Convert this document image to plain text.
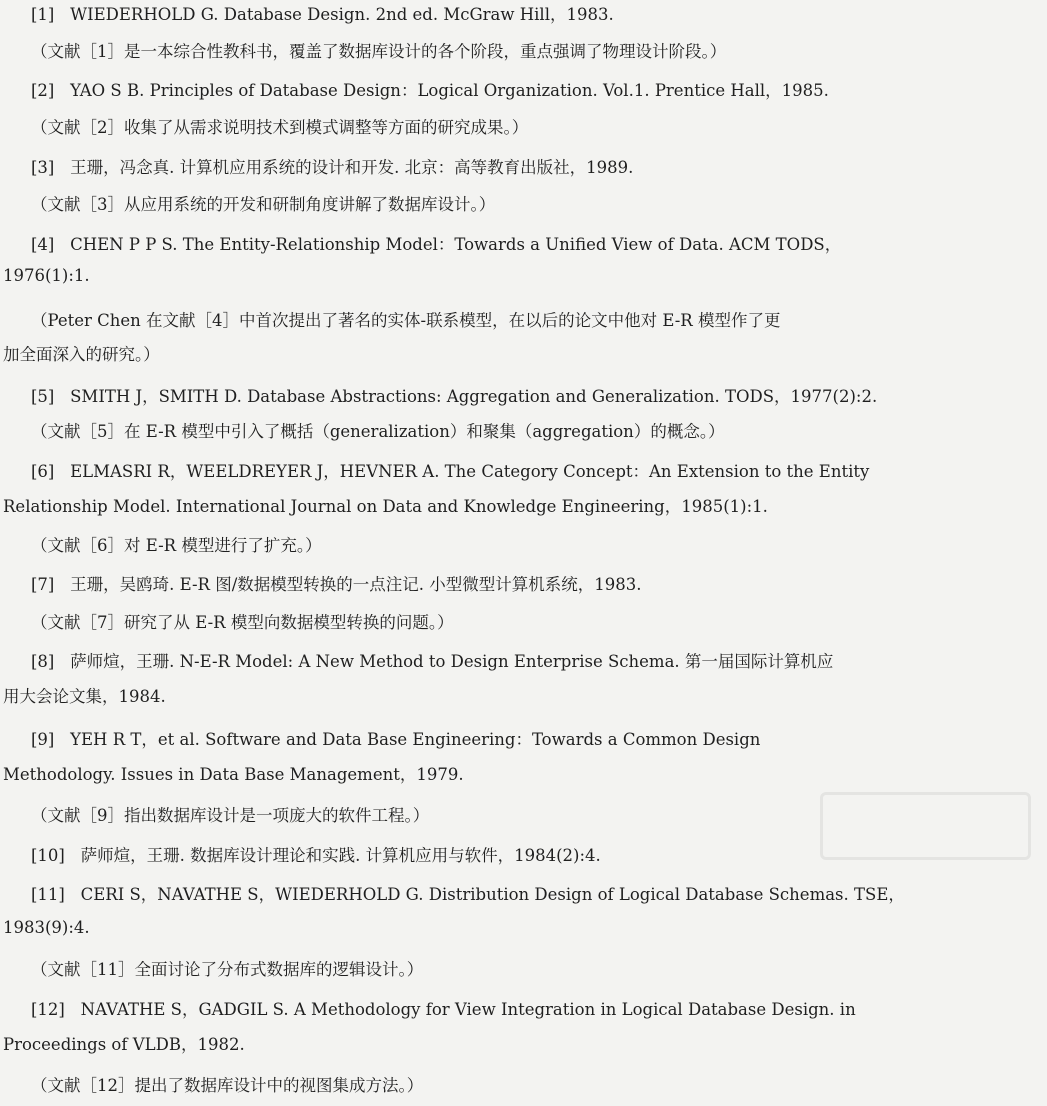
[1] WIEDERHOLD G. Database Design. 2nd ed. McGraw Hill，1983.
（文献［1］是一本综合性教科书，覆盖了数据库设计的各个阶段，重点强调了物理设计阶段。）
[2] YAO S B. Principles of Database Design：Logical Organization. Vol.1. Prentice Hall，1985.
（文献［2］收集了从需求说明技术到模式调整等方面的研究成果。）
[3] 王珊，冯念真. 计算机应用系统的设计和开发. 北京：高等教育出版社，1989.
（文献［3］从应用系统的开发和研制角度讲解了数据库设计。）
[4] CHEN P P S. The Entity-Relationship Model：Towards a Unified View of Data. ACM TODS，
1976(1):1.
（Peter Chen 在文献［4］中首次提出了著名的实体-联系模型，在以后的论文中他对 E-R 模型作了更
加全面深入的研究。）
[5] SMITH J，SMITH D. Database Abstractions: Aggregation and Generalization. TODS，1977(2):2.
（文献［5］在 E-R 模型中引入了概括（generalization）和聚集（aggregation）的概念。）
[6] ELMASRI R，WEELDREYER J，HEVNER A. The Category Concept：An Extension to the Entity
Relationship Model. International Journal on Data and Knowledge Engineering，1985(1):1.
（文献［6］对 E-R 模型进行了扩充。）
[7] 王珊，吴鸥琦. E-R 图/数据模型转换的一点注记. 小型微型计算机系统，1983.
（文献［7］研究了从 E-R 模型向数据模型转换的问题。）
[8] 萨师煊，王珊. N-E-R Model: A New Method to Design Enterprise Schema. 第一届国际计算机应
用大会论文集，1984.
[9] YEH R T，et al. Software and Data Base Engineering：Towards a Common Design
Methodology. Issues in Data Base Management，1979.
（文献［9］指出数据库设计是一项庞大的软件工程。）
[10] 萨师煊，王珊. 数据库设计理论和实践. 计算机应用与软件，1984(2):4.
[11] CERI S，NAVATHE S，WIEDERHOLD G. Distribution Design of Logical Database Schemas. TSE，
1983(9):4.
（文献［11］全面讨论了分布式数据库的逻辑设计。）
[12] NAVATHE S，GADGIL S. A Methodology for View Integration in Logical Database Design. in
Proceedings of VLDB，1982.
（文献［12］提出了数据库设计中的视图集成方法。）
